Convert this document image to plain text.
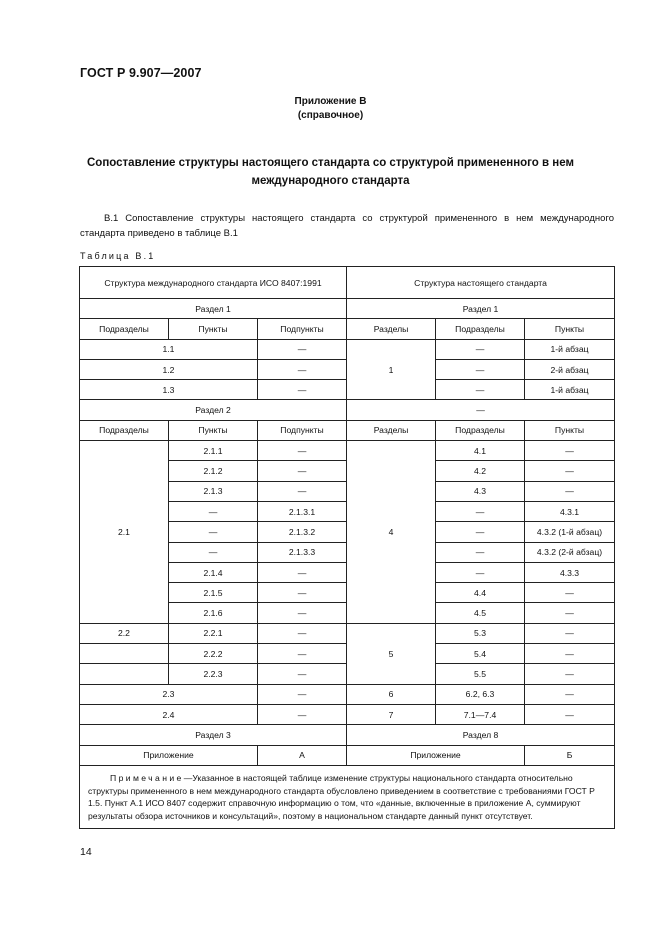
ГОСТ Р 9.907—2007
Приложение В
(справочное)
Сопоставление структуры настоящего стандарта со структурой примененного в нем
международного стандарта
В.1 Сопоставление структуры настоящего стандарта со структурой примененного в нем международного стандарта приведено в таблице В.1
Таблица В.1
Структура международного стандарта ИСО 8407:1991			Структура настоящего стандарта		
Раздел 1			Раздел 1		
Подразделы	Пункты	Подпункты	Разделы	Подразделы	Пункты
1.1		—	1	—	1-й абзац
1.2		—		—	2-й абзац
1.3		—		—	1-й абзац
Раздел 2			—		
Подразделы	Пункты	Подпункты	Разделы	Подразделы	Пункты
2.1	2.1.1	—	4	4.1	—
	2.1.2	—		4.2	—
	2.1.3	—		4.3	—
	—	2.1.3.1		—	4.3.1
	—	2.1.3.2		—	4.3.2 (1-й абзац)
	—	2.1.3.3		—	4.3.2 (2-й абзац)
	2.1.4	—		—	4.3.3
	2.1.5	—		4.4	—
	2.1.6	—		4.5	—
2.2	2.2.1	—	5	5.3	—
	2.2.2	—		5.4	—
	2.2.3	—		5.5	—
2.3		—	6	6.2, 6.3	—
2.4		—	7	7.1—7.4	—
Раздел 3			Раздел 8		
Приложение		А	Приложение		Б
Примечание—Указанное в настоящей таблице изменение структуры национального стандарта относительно структуры примененного в нем международного стандарта обусловлено приведением в соответствие с требованиями ГОСТ Р 1.5. Пункт А.1 ИСО 8407 содержит справочную информацию о том, что «данные, включенные в приложение А, суммируют результаты обзора источников и консультаций», поэтому в национальном стандарте данный пункт отсутствует.					
14
